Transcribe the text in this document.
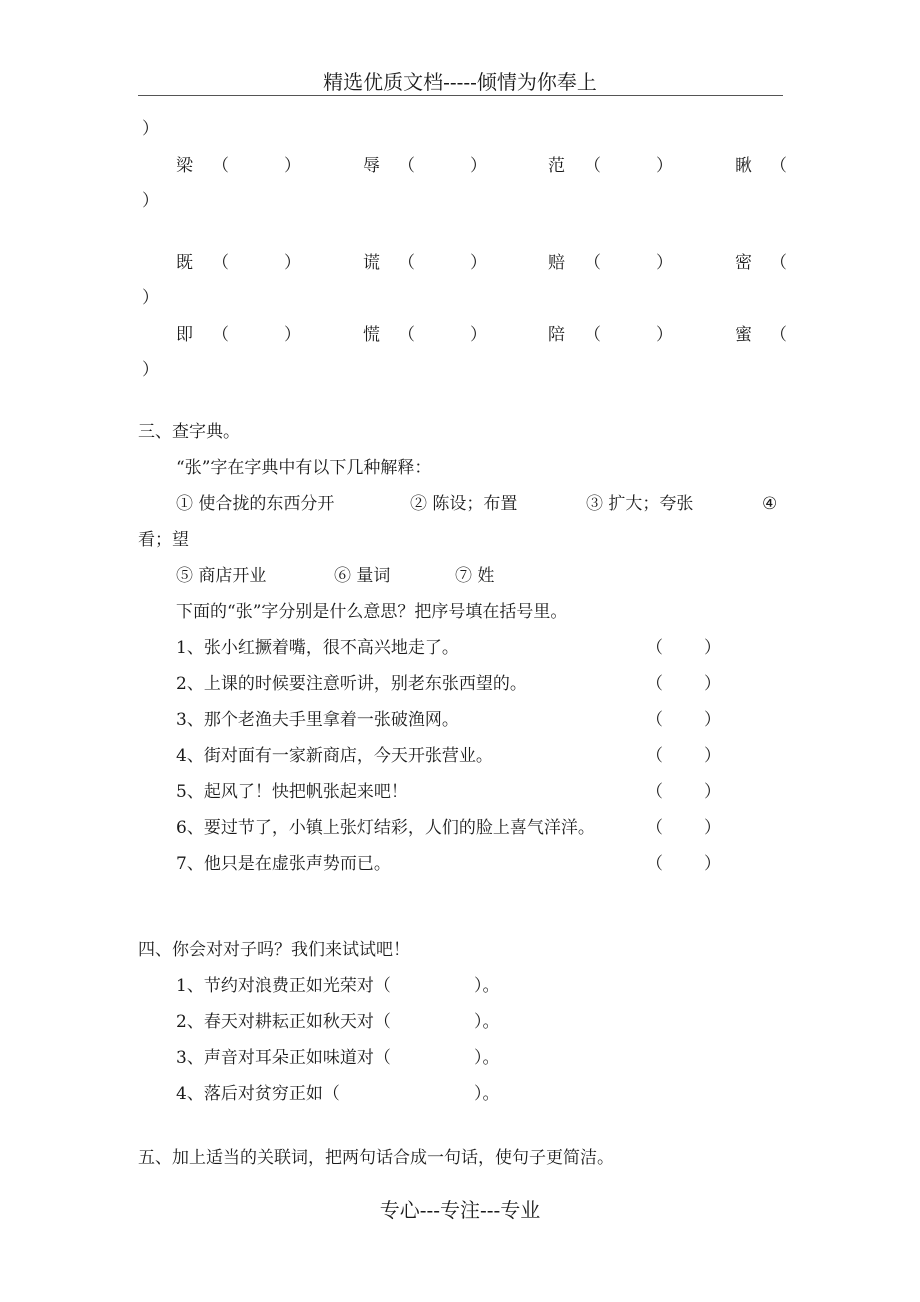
精选优质文档-----倾情为你奉上
）
梁 （	）	辱 （	）	范 （	）	瞅 （
）
既 （	）	谎 （	）	赔 （	）	密 （
）
即 （	）	慌 （	）	陪 （	）	蜜 （
）
三、查字典。
“张”字在字典中有以下几种解释：
① 使合拢的东西分开	② 陈设；布置	③ 扩大；夸张	④
看；望
⑤ 商店开业	⑥ 量词	⑦ 姓
下面的“张”字分别是什么意思？把序号填在括号里。
1、张小红撅着嘴，很不高兴地走了。	（ ）
2、上课的时候要注意听讲，别老东张西望的。	（ ）
3、那个老渔夫手里拿着一张破渔网。	（ ）
4、街对面有一家新商店，今天开张营业。	（ ）
5、起风了！快把帆张起来吧！	（ ）
6、要过节了，小镇上张灯结彩，人们的脸上喜气洋洋。	（ ）
7、他只是在虚张声势而已。	（ ）
四、你会对对子吗？我们来试试吧！
1、节约对浪费正如光荣对（	）。
2、春天对耕耘正如秋天对（	）。
3、声音对耳朵正如味道对（	）。
4、落后对贫穷正如（	）。
五、加上适当的关联词，把两句话合成一句话，使句子更简洁。
专心---专注---专业
